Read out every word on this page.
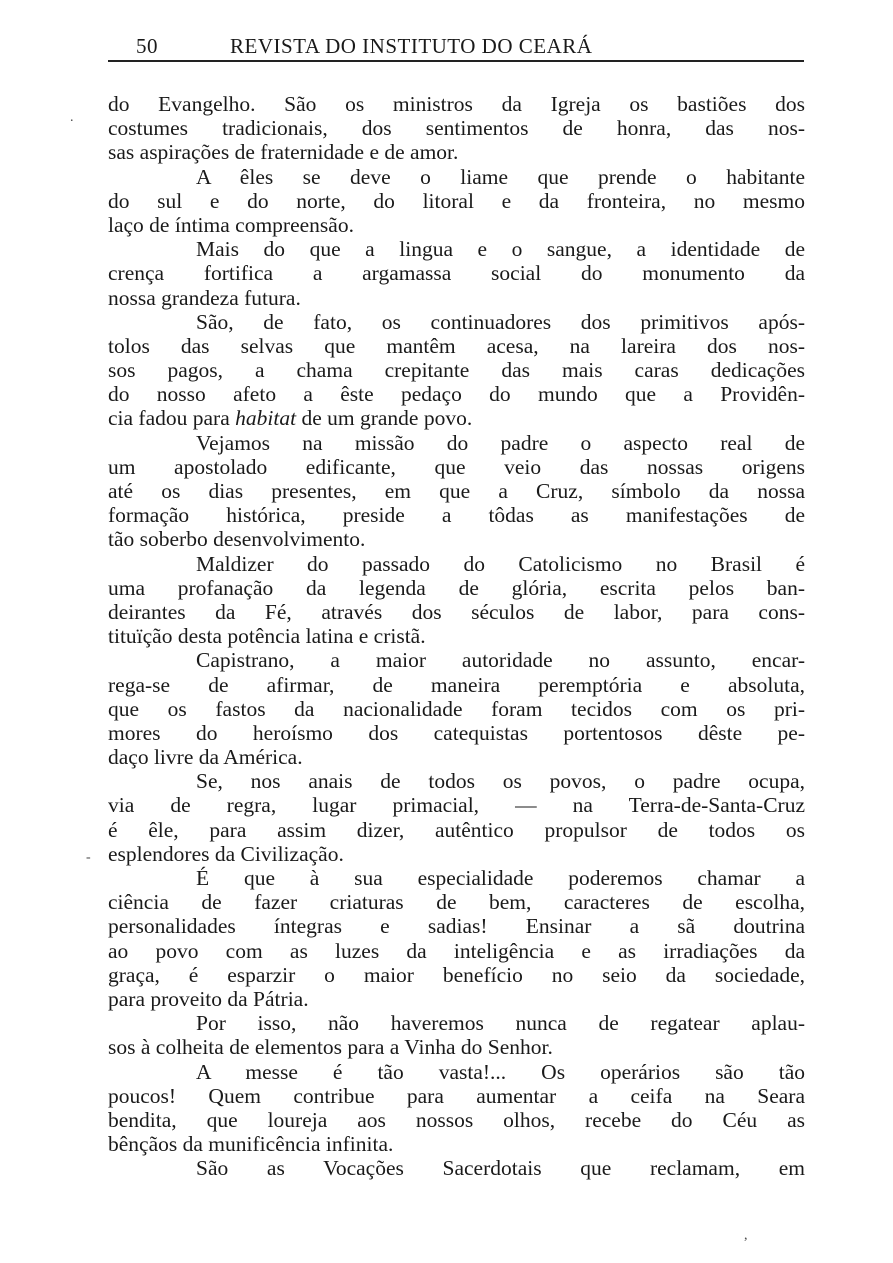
50	REVISTA DO INSTITUTO DO CEARÁ
do Evangelho. São os ministros da Igreja os bastiões dos
costumes tradicionais, dos sentimentos de honra, das nos-
sas aspirações de fraternidade e de amor.
A êles se deve o liame que prende o habitante
do sul e do norte, do litoral e da fronteira, no mesmo
laço de íntima compreensão.
Mais do que a lingua e o sangue, a identidade de
crença fortifica a argamassa social do monumento da
nossa grandeza futura.
São, de fato, os continuadores dos primitivos após-
tolos das selvas que mantêm acesa, na lareira dos nos-
sos pagos, a chama crepitante das mais caras dedicações
do nosso afeto a êste pedaço do mundo que a Providên-
cia fadou para habitat de um grande povo.
Vejamos na missão do padre o aspecto real de
um apostolado edificante, que veio das nossas origens
até os dias presentes, em que a Cruz, símbolo da nossa
formação histórica, preside a tôdas as manifestações de
tão soberbo desenvolvimento.
Maldizer do passado do Catolicismo no Brasil é
uma profanação da legenda de glória, escrita pelos ban-
deirantes da Fé, através dos séculos de labor, para cons-
tituïção desta potência latina e cristã.
Capistrano, a maior autoridade no assunto, encar-
rega-se de afirmar, de maneira peremptória e absoluta,
que os fastos da nacionalidade foram tecidos com os pri-
mores do heroísmo dos catequistas portentosos dêste pe-
daço livre da América.
Se, nos anais de todos os povos, o padre ocupa,
via de regra, lugar primacial, — na Terra-de-Santa-Cruz
é êle, para assim dizer, autêntico propulsor de todos os
esplendores da Civilização.
É que à sua especialidade poderemos chamar a
ciência de fazer criaturas de bem, caracteres de escolha,
personalidades íntegras e sadias! Ensinar a sã doutrina
ao povo com as luzes da inteligência e as irradiações da
graça, é esparzir o maior benefício no seio da sociedade,
para proveito da Pátria.
Por isso, não haveremos nunca de regatear aplau-
sos à colheita de elementos para a Vinha do Senhor.
A messe é tão vasta!... Os operários são tão
poucos! Quem contribue para aumentar a ceifa na Seara
bendita, que loureja aos nossos olhos, recebe do Céu as
bênçãos da munificência infinita.
São as Vocações Sacerdotais que reclamam, em
.
-
,
